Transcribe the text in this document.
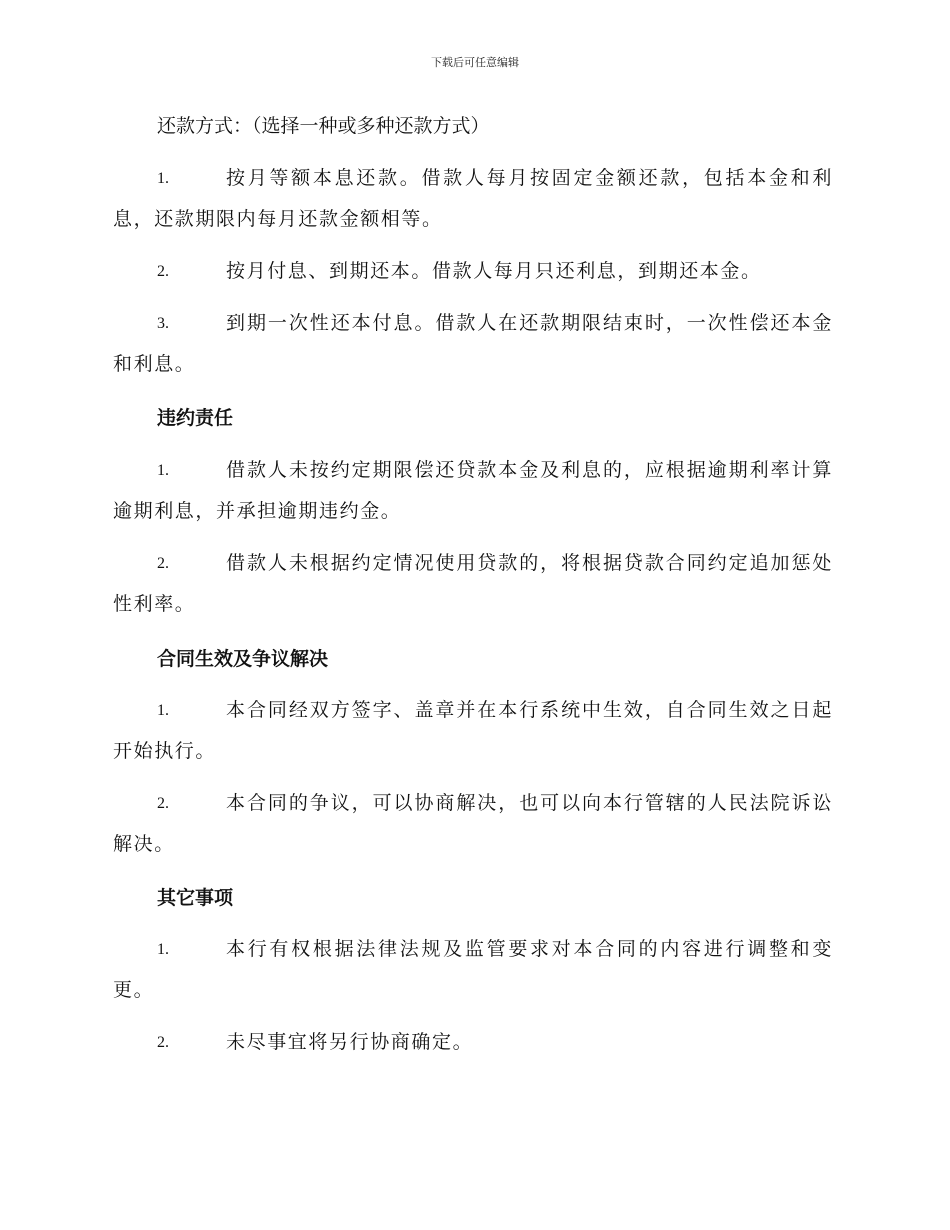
下载后可任意编辑
还款方式：（选择一种或多种还款方式）
1.	按月等额本息还款。借款人每月按固定金额还款，包括本金和利息，还款期限内每月还款金额相等。
2.	按月付息、到期还本。借款人每月只还利息，到期还本金。
3.	到期一次性还本付息。借款人在还款期限结束时，一次性偿还本金和利息。
违约责任
1.	借款人未按约定期限偿还贷款本金及利息的，应根据逾期利率计算逾期利息，并承担逾期违约金。
2.	借款人未根据约定情况使用贷款的，将根据贷款合同约定追加惩处性利率。
合同生效及争议解决
1.	本合同经双方签字、盖章并在本行系统中生效，自合同生效之日起开始执行。
2.	本合同的争议，可以协商解决，也可以向本行管辖的人民法院诉讼解决。
其它事项
1.	本行有权根据法律法规及监管要求对本合同的内容进行调整和变更。
2.	未尽事宜将另行协商确定。
